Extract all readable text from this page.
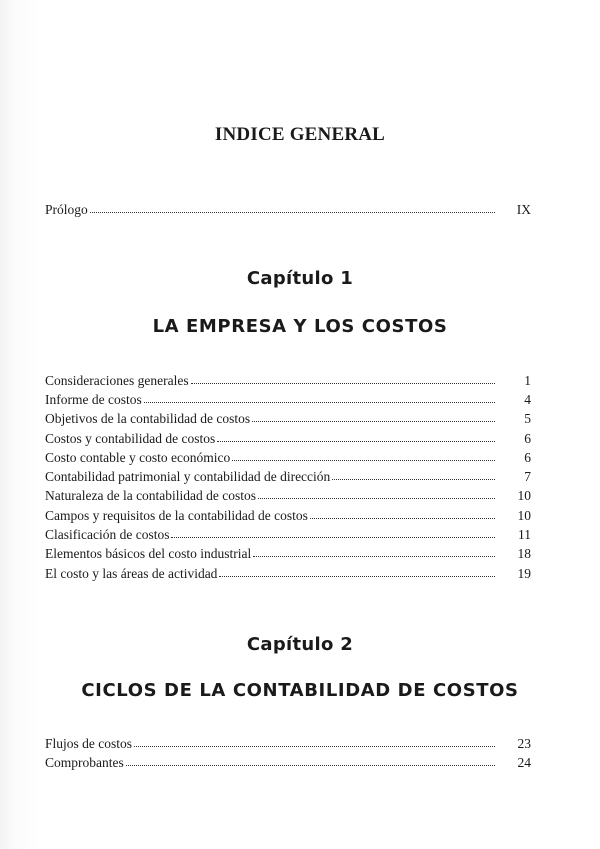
INDICE GENERAL
Prólogo	IX
Capítulo 1
LA EMPRESA Y LOS COSTOS
Consideraciones generales	1
Informe de costos	4
Objetivos de la contabilidad de costos	5
Costos y contabilidad de costos	6
Costo contable y costo económico	6
Contabilidad patrimonial y contabilidad de dirección	7
Naturaleza de la contabilidad de costos	10
Campos y requisitos de la contabilidad de costos	10
Clasificación de costos	11
Elementos básicos del costo industrial	18
El costo y las áreas de actividad	19
Capítulo 2
CICLOS DE LA CONTABILIDAD DE COSTOS
Flujos de costos	23
Comprobantes	24
